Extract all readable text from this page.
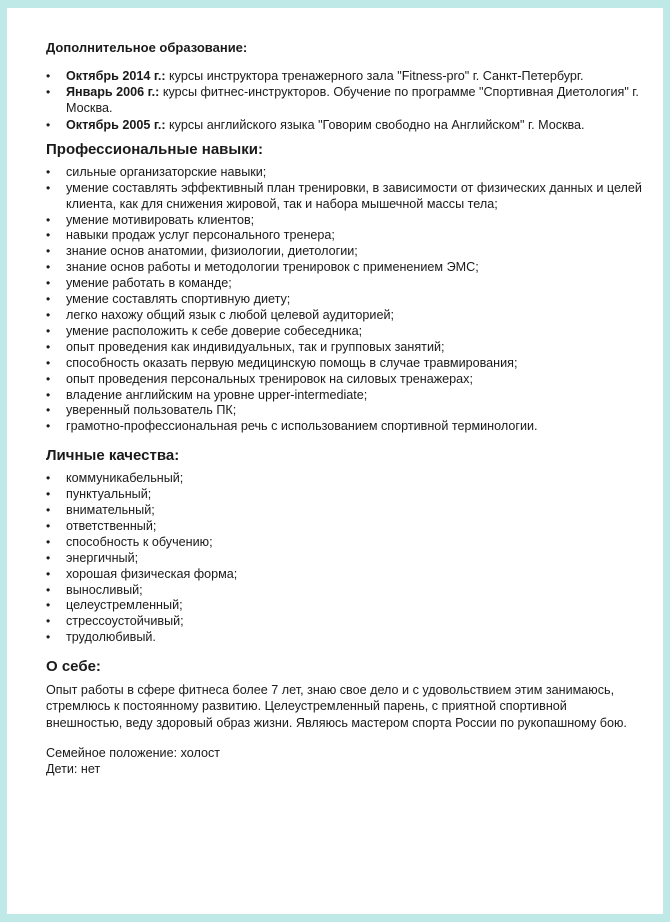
Дополнительное образование:
• Октябрь 2014 г.: курсы инструктора тренажерного зала "Fitness-pro" г. Санкт-Петербург.
• Январь 2006 г.: курсы фитнес-инструкторов. Обучение по программе "Спортивная Диетология" г. Москва.
• Октябрь 2005 г.: курсы английского языка "Говорим свободно на Английском" г. Москва.
Профессиональные навыки:
• сильные организаторские навыки;
• умение составлять эффективный план тренировки, в зависимости от физических данных и целей клиента, как для снижения жировой, так и набора мышечной массы тела;
• умение мотивировать клиентов;
• навыки продаж услуг персонального тренера;
• знание основ анатомии, физиологии, диетологии;
• знание основ работы и методологии тренировок с применением ЭМС;
• умение работать в команде;
• умение составлять спортивную диету;
• легко нахожу общий язык с любой целевой аудиторией;
• умение расположить к себе доверие собеседника;
• опыт проведения как индивидуальных, так и групповых занятий;
• способность оказать первую медицинскую помощь в случае травмирования;
• опыт проведения персональных тренировок на силовых тренажерах;
• владение английским на уровне upper-intermediate;
• уверенный пользователь ПК;
• грамотно-профессиональная речь с использованием спортивной терминологии.
Личные качества:
• коммуникабельный;
• пунктуальный;
• внимательный;
• ответственный;
• способность к обучению;
• энергичный;
• хорошая физическая форма;
• выносливый;
• целеустремленный;
• стрессоустойчивый;
• трудолюбивый.
О себе:

Опыт работы в сфере фитнеса более 7 лет, знаю свое дело и с удовольствием этим занимаюсь, стремлюсь к постоянному развитию. Целеустремленный парень, с приятной спортивной внешностью, веду здоровый образ жизни. Являюсь мастером спорта России по рукопашному бою.

Семейное положение: холост

Дети: нет
